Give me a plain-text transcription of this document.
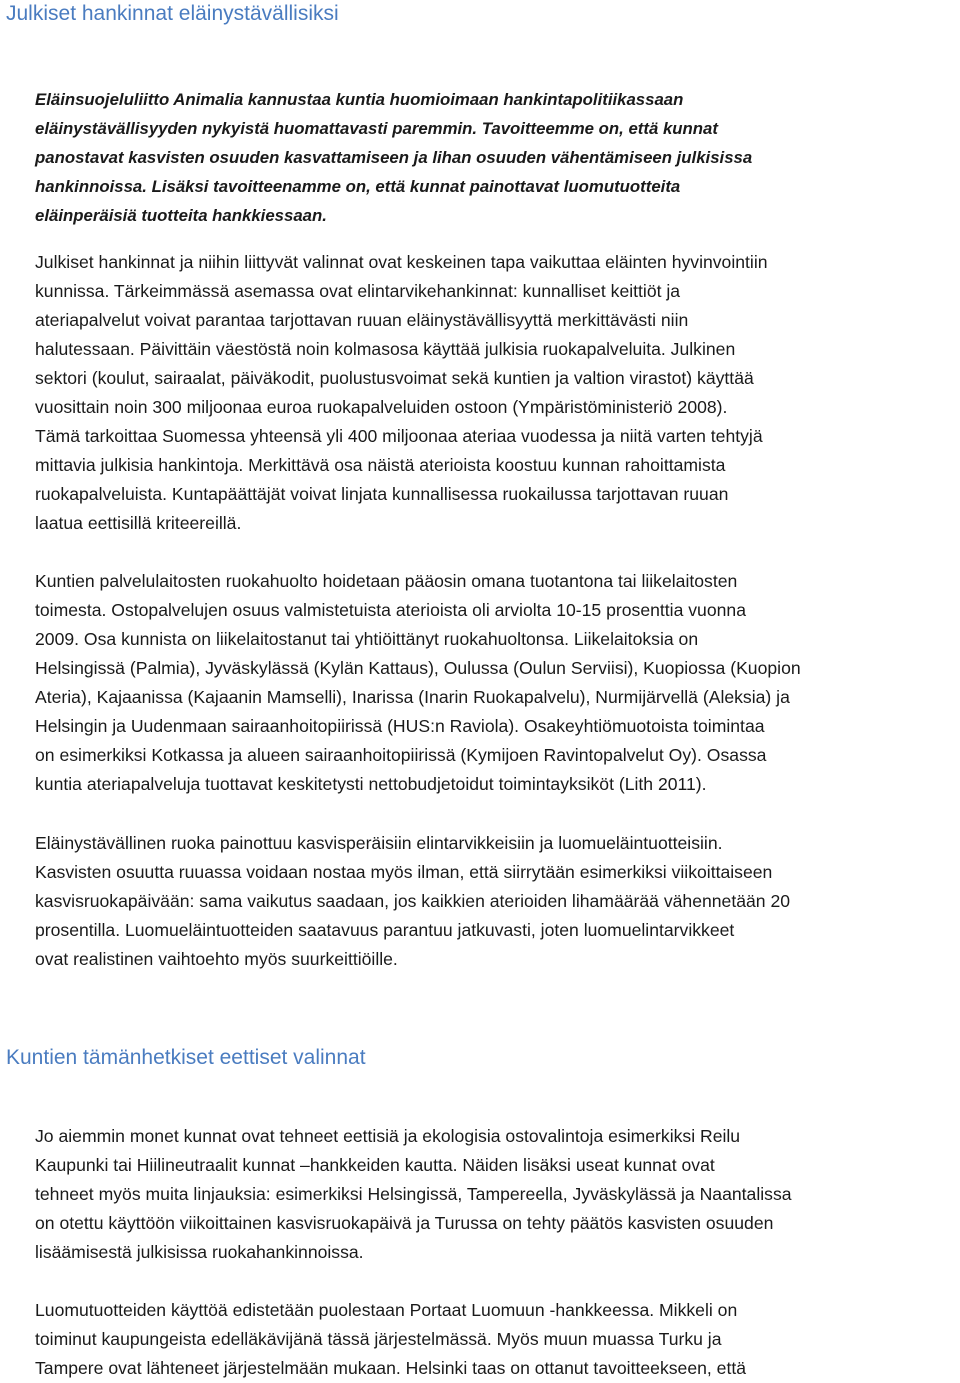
Julkiset hankinnat eläinystävällisiksi

Eläinsuojeluliitto Animalia kannustaa kuntia huomioimaan hankintapolitiikassaan
eläinystävällisyyden nykyistä huomattavasti paremmin. Tavoitteemme on, että kunnat
panostavat kasvisten osuuden kasvattamiseen ja lihan osuuden vähentämiseen julkisissa
hankinnoissa. Lisäksi tavoitteenamme on, että kunnat painottavat luomutuotteita
eläinperäisiä tuotteita hankkiessaan.

Julkiset hankinnat ja niihin liittyvät valinnat ovat keskeinen tapa vaikuttaa eläinten hyvinvointiin
kunnissa. Tärkeimmässä asemassa ovat elintarvikehankinnat: kunnalliset keittiöt ja
ateriapalvelut voivat parantaa tarjottavan ruuan eläinystävällisyyttä merkittävästi niin
halutessaan. Päivittäin väestöstä noin kolmasosa käyttää julkisia ruokapalveluita. Julkinen
sektori (koulut, sairaalat, päiväkodit, puolustusvoimat sekä kuntien ja valtion virastot) käyttää
vuosittain noin 300 miljoonaa euroa ruokapalveluiden ostoon (Ympäristöministeriö 2008).
Tämä tarkoittaa Suomessa yhteensä yli 400 miljoonaa ateriaa vuodessa ja niitä varten tehtyjä
mittavia julkisia hankintoja. Merkittävä osa näistä aterioista koostuu kunnan rahoittamista
ruokapalveluista. Kuntapäättäjät voivat linjata kunnallisessa ruokailussa tarjottavan ruuan
laatua eettisillä kriteereillä.

Kuntien palvelulaitosten ruokahuolto hoidetaan pääosin omana tuotantona tai liikelaitosten
toimesta. Ostopalvelujen osuus valmistetuista aterioista oli arviolta 10-15 prosenttia vuonna
2009. Osa kunnista on liikelaitostanut tai yhtiöittänyt ruokahuoltonsa. Liikelaitoksia on
Helsingissä (Palmia), Jyväskylässä (Kylän Kattaus), Oulussa (Oulun Serviisi), Kuopiossa (Kuopion
Ateria), Kajaanissa (Kajaanin Mamselli), Inarissa (Inarin Ruokapalvelu), Nurmijärvellä (Aleksia) ja
Helsingin ja Uudenmaan sairaanhoitopiirissä (HUS:n Raviola). Osakeyhtiömuotoista toimintaa
on esimerkiksi Kotkassa ja alueen sairaanhoitopiirissä (Kymijoen Ravintopalvelut Oy). Osassa
kuntia ateriapalveluja tuottavat keskitetysti nettobudjetoidut toimintayksiköt (Lith 2011).

Eläinystävällinen ruoka painottuu kasvisperäisiin elintarvikkeisiin ja luomueläintuotteisiin.
Kasvisten osuutta ruuassa voidaan nostaa myös ilman, että siirrytään esimerkiksi viikoittaiseen
kasvisruokapäivään: sama vaikutus saadaan, jos kaikkien aterioiden lihamäärää vähennetään 20
prosentilla. Luomueläintuotteiden saatavuus parantuu jatkuvasti, joten luomuelintarvikkeet
ovat realistinen vaihtoehto myös suurkeittiöille.

Kuntien tämänhetkiset eettiset valinnat

Jo aiemmin monet kunnat ovat tehneet eettisiä ja ekologisia ostovalintoja esimerkiksi Reilu
Kaupunki tai Hiilineutraalit kunnat –hankkeiden kautta. Näiden lisäksi useat kunnat ovat
tehneet myös muita linjauksia: esimerkiksi Helsingissä, Tampereella, Jyväskylässä ja Naantalissa
on otettu käyttöön viikoittainen kasvisruokapäivä ja Turussa on tehty päätös kasvisten osuuden
lisäämisestä julkisissa ruokahankinnoissa.

Luomutuotteiden käyttöä edistetään puolestaan Portaat Luomuun -hankkeessa. Mikkeli on
toiminut kaupungeista edelläkävijänä tässä järjestelmässä. Myös muun muassa Turku ja
Tampere ovat lähteneet järjestelmään mukaan. Helsinki taas on ottanut tavoitteekseen, että
